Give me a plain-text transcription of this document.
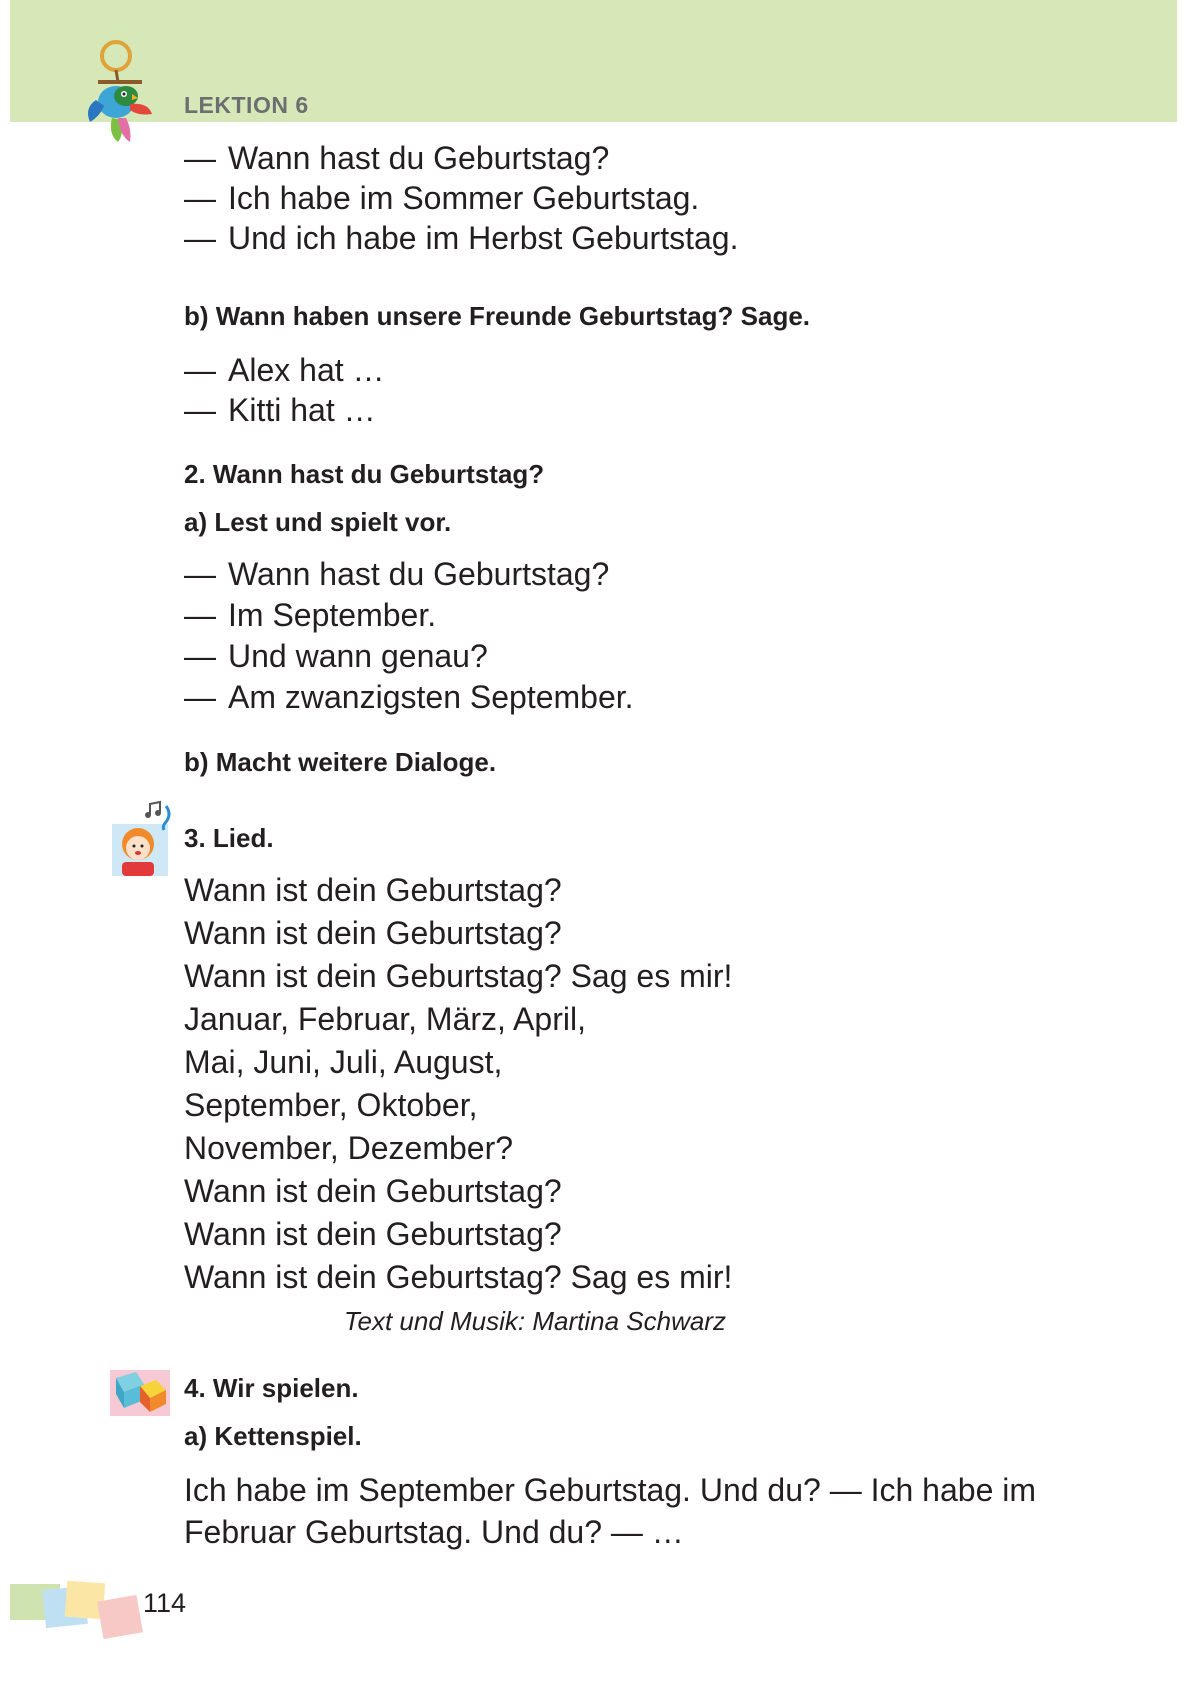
LEKTION 6
— Wann hast du Geburtstag?
— Ich habe im Sommer Geburtstag.
— Und ich habe im Herbst Geburtstag.
b) Wann haben unsere Freunde Geburtstag? Sage.
— Alex hat …
— Kitti hat …
2. Wann hast du Geburtstag?
a) Lest und spielt vor.
— Wann hast du Geburtstag?
— Im September.
— Und wann genau?
— Am zwanzigsten September.
b) Macht weitere Dialoge.
3. Lied.
Wann ist dein Geburtstag?
Wann ist dein Geburtstag?
Wann ist dein Geburtstag? Sag es mir!
Januar, Februar, März, April,
Mai, Juni, Juli, August,
September, Oktober,
November, Dezember?
Wann ist dein Geburtstag?
Wann ist dein Geburtstag?
Wann ist dein Geburtstag? Sag es mir!
Text und Musik: Martina Schwarz
4. Wir spielen.
a) Kettenspiel.
Ich habe im September Geburtstag. Und du? — Ich habe im
Februar Geburtstag. Und du? — …
114
